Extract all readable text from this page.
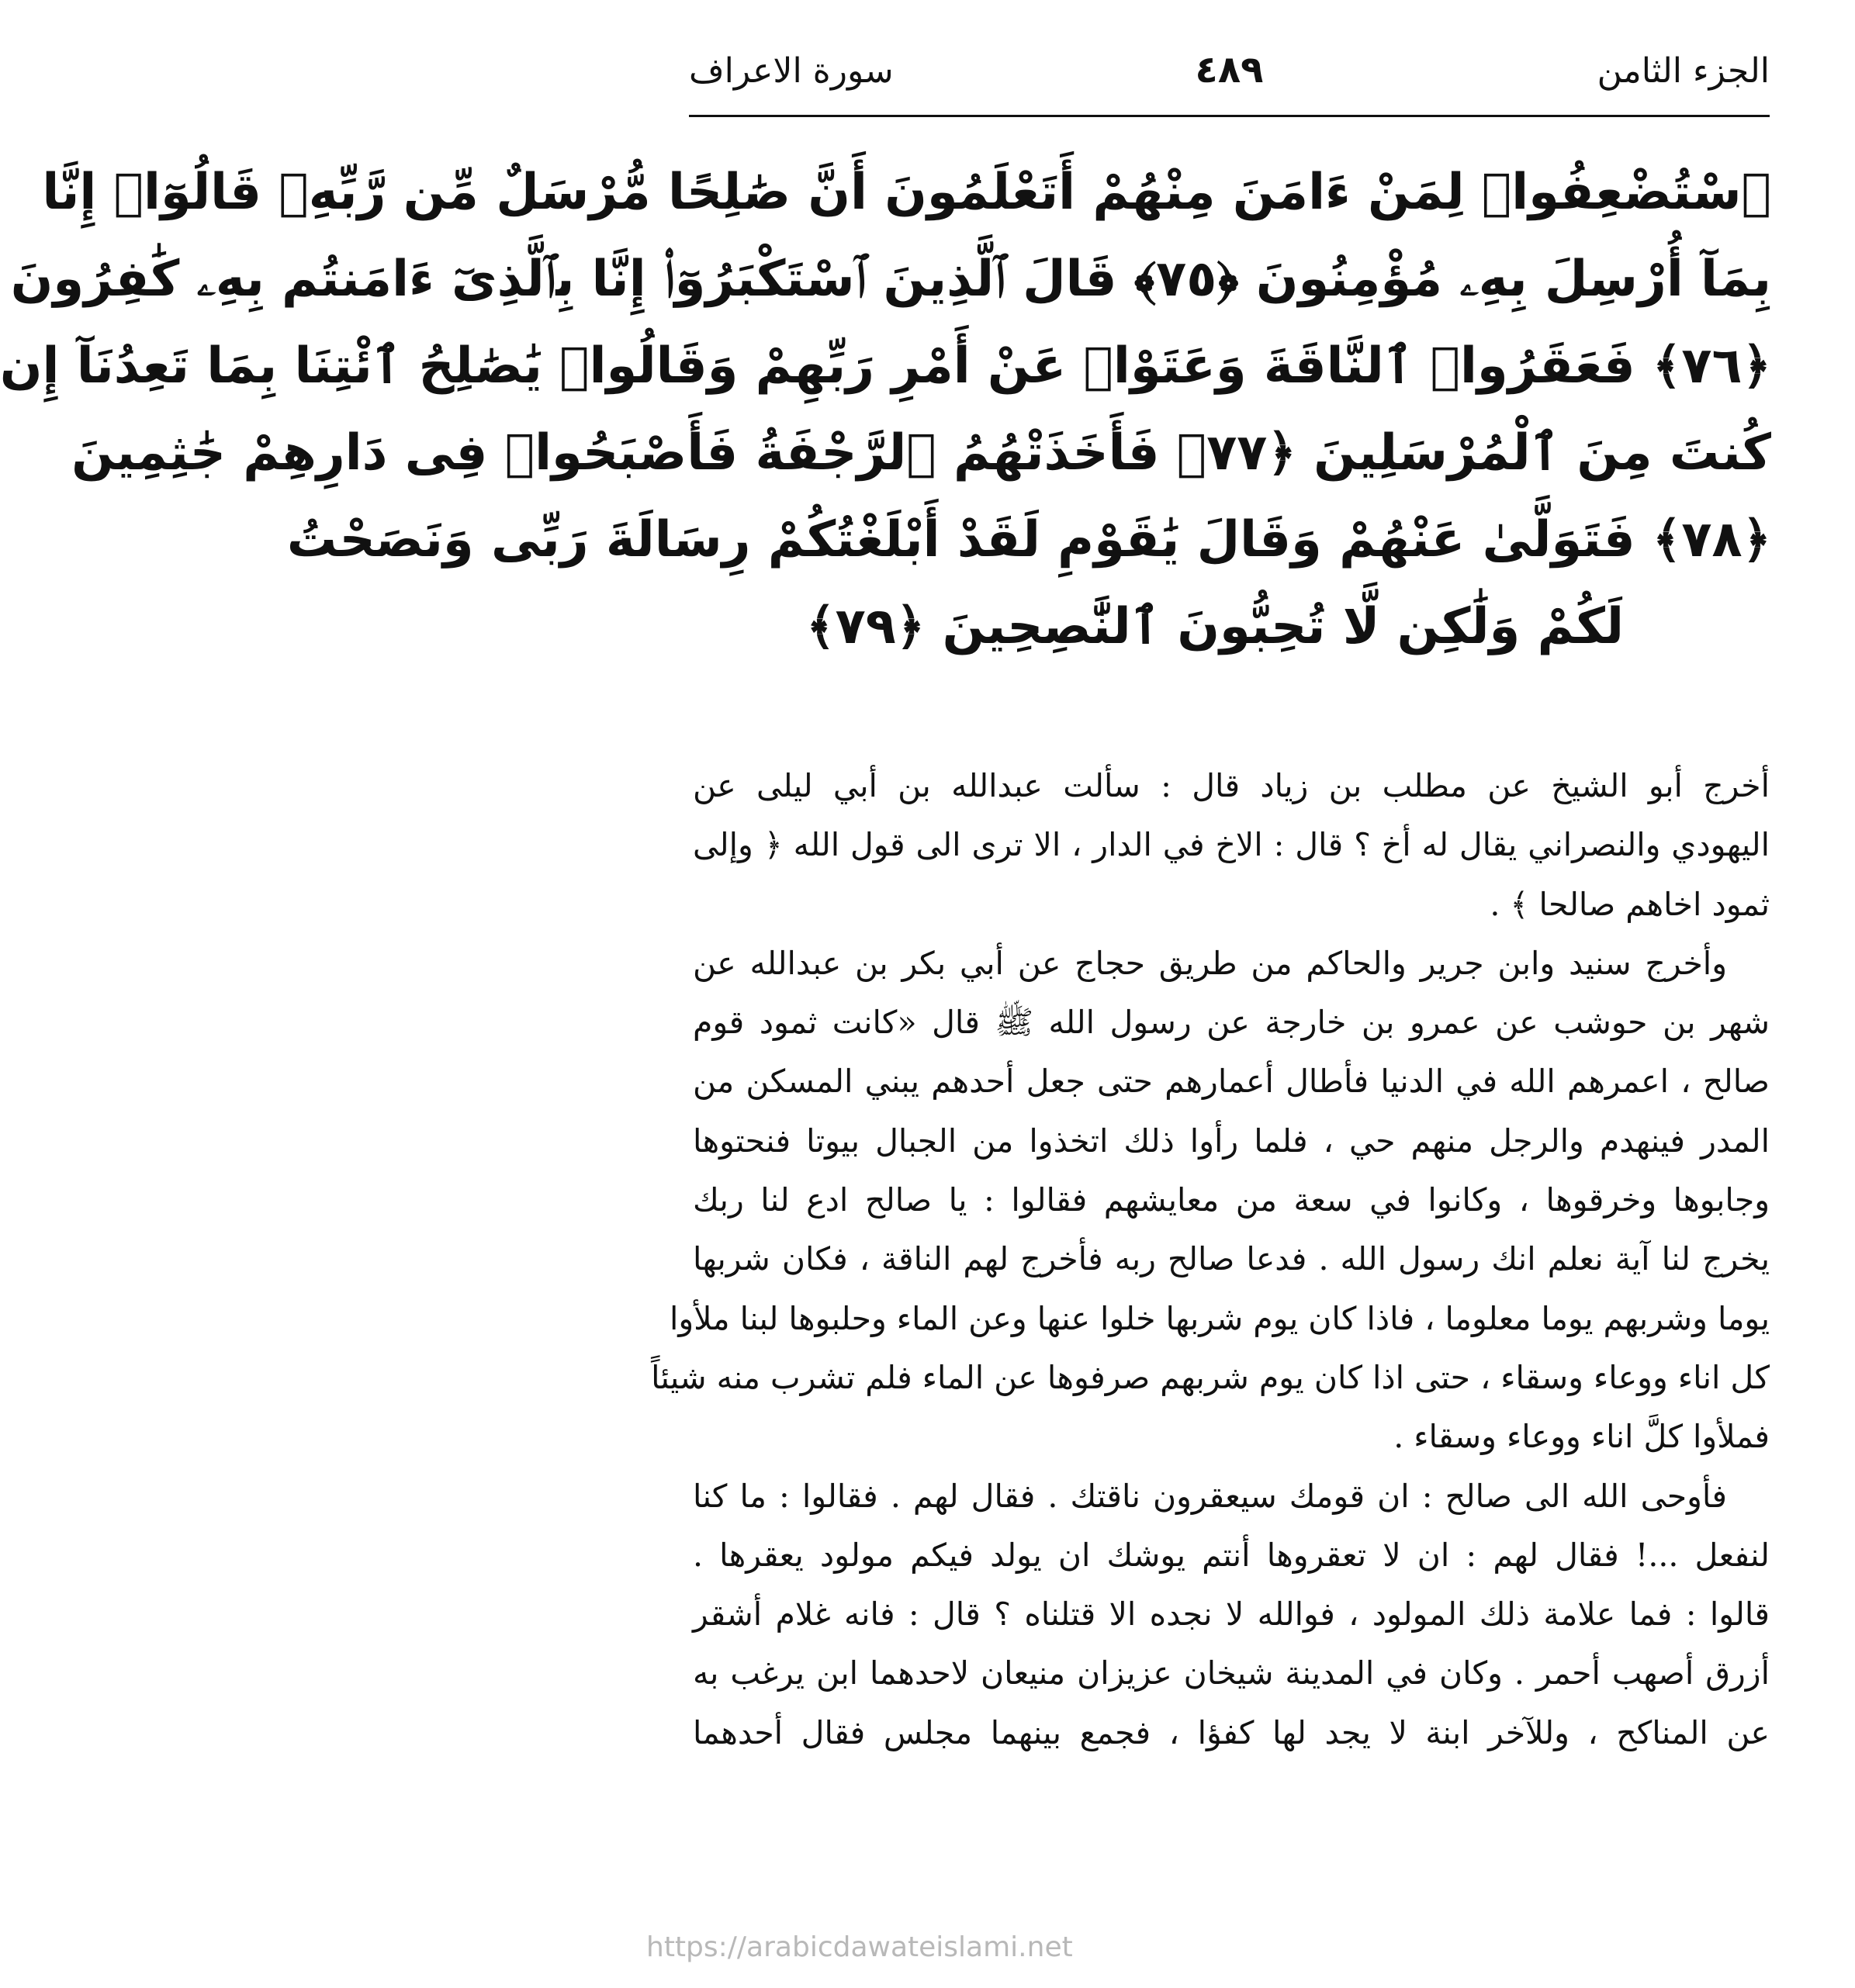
الجزء الثامن
٤٨٩
سورة الاعراف
ٱسْتُضْعِفُوا۟ لِمَنْ ءَامَنَ مِنْهُمْ أَتَعْلَمُونَ أَنَّ صَٰلِحًا مُّرْسَلٌ مِّن رَّبِّهِۦ قَالُوٓا۟ إِنَّا
بِمَآ أُرْسِلَ بِهِۦ مُؤْمِنُونَ ﴿٧٥﴾ قَالَ ٱلَّذِينَ ٱسْتَكْبَرُوٓا۟ إِنَّا بِٱلَّذِىٓ ءَامَنتُم بِهِۦ كَٰفِرُونَ
﴿٧٦﴾ فَعَقَرُوا۟ ٱلنَّاقَةَ وَعَتَوْا۟ عَنْ أَمْرِ رَبِّهِمْ وَقَالُوا۟ يَٰصَٰلِحُ ٱئْتِنَا بِمَا تَعِدُنَآ إِن
كُنتَ مِنَ ٱلْمُرْسَلِينَ ﴿٧٧﴾ فَأَخَذَتْهُمُ ٱلرَّجْفَةُ فَأَصْبَحُوا۟ فِى دَارِهِمْ جَٰثِمِينَ
﴿٧٨﴾ فَتَوَلَّىٰ عَنْهُمْ وَقَالَ يَٰقَوْمِ لَقَدْ أَبْلَغْتُكُمْ رِسَالَةَ رَبِّى وَنَصَحْتُ
لَكُمْ وَلَٰكِن لَّا تُحِبُّونَ ٱلنَّٰصِحِينَ ﴿٧٩﴾
أخرج أبو الشيخ عن مطلب بن زياد قال : سألت عبدالله بن أبي ليلى عن
اليهودي والنصراني يقال له أخ ؟ قال : الاخ في الدار ، الا ترى الى قول الله ﴿ وإلى
ثمود اخاهم صالحا ﴾ .
وأخرج سنيد وابن جرير والحاكم من طريق حجاج عن أبي بكر بن عبدالله عن
شهر بن حوشب عن عمرو بن خارجة عن رسول الله ﷺ قال «كانت ثمود قوم
صالح ، اعمرهم الله في الدنيا فأطال أعمارهم حتى جعل أحدهم يبني المسكن من
المدر فينهدم والرجل منهم حي ، فلما رأوا ذلك اتخذوا من الجبال بيوتا فنحتوها
وجابوها وخرقوها ، وكانوا في سعة من معايشهم فقالوا : يا صالح ادع لنا ربك
يخرج لنا آية نعلم انك رسول الله . فدعا صالح ربه فأخرج لهم الناقة ، فكان شربها
يوما وشربهم يوما معلوما ، فاذا كان يوم شربها خلوا عنها وعن الماء وحلبوها لبنا ملأوا
كل اناء ووعاء وسقاء ، حتى اذا كان يوم شربهم صرفوها عن الماء فلم تشرب منه شيئاً
فملأوا كلَّ اناء ووعاء وسقاء .
فأوحى الله الى صالح : ان قومك سيعقرون ناقتك . فقال لهم . فقالوا : ما كنا
لنفعل ...! فقال لهم : ان لا تعقروها أنتم يوشك ان يولد فيكم مولود يعقرها .
قالوا : فما علامة ذلك المولود ، فوالله لا نجده الا قتلناه ؟ قال : فانه غلام أشقر
أزرق أصهب أحمر . وكان في المدينة شيخان عزيزان منيعان لاحدهما ابن يرغب به
عن المناكح ، وللآخر ابنة لا يجد لها كفؤا ، فجمع بينهما مجلس فقال أحدهما
https://arabicdawateislami.net
